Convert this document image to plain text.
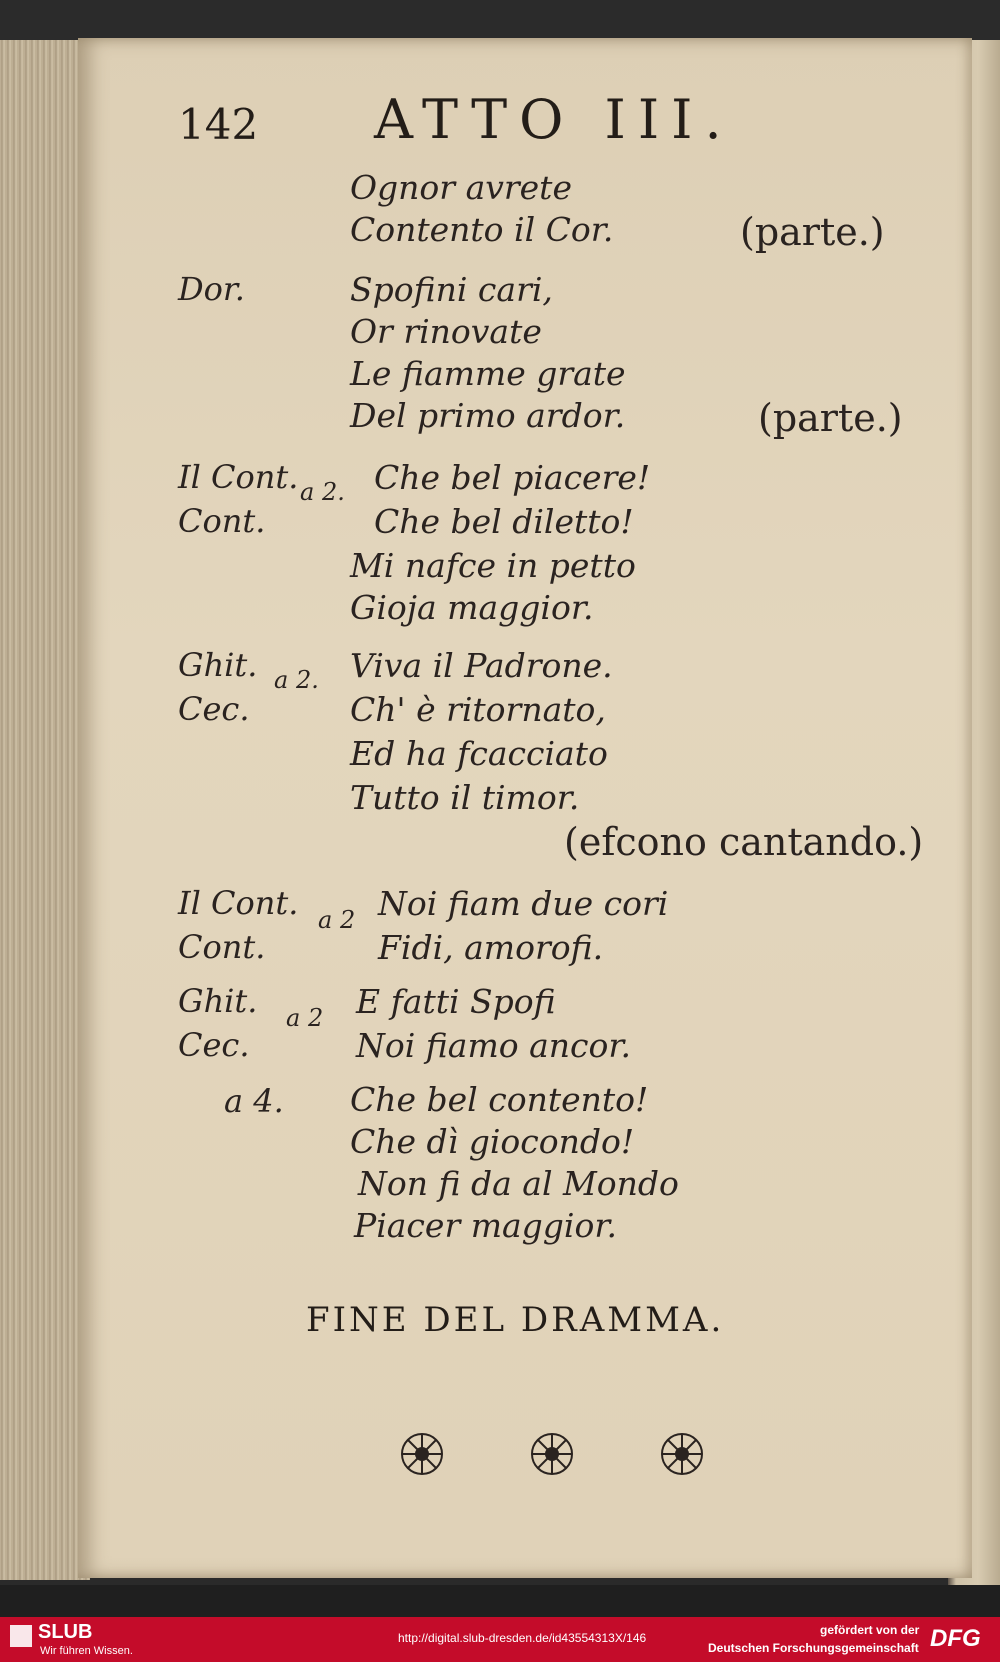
142 ATTO III.
Ognor avrete
Contento il Cor.	(parte.)
Dor.	Spofini cari,
Or rinovate
Le fiamme grate
Del primo ardor.	(parte.)
Il Cont. Che bel piacere!
Cont.	Che bel diletto!
a 2.
Mi nafce in petto
Gioja maggior.
Ghit.	Viva il Padrone.
Cec.	Ch' è ritornato,
a 2.
Ed ha fcacciato
Tutto il timor.
(efcono cantando.)
Il Cont. Noi fiam due cori
Cont.	Fidi, amorofi.
a 2
Ghit.	E fatti Spofi
Cec.	Noi fiamo ancor.
a 2
a 4. Che bel contento!
Che dì giocondo!
Non fi da al Mondo
Piacer maggior.
FINE DEL DRAMMA.
SLUB
Wir führen Wissen.
http://digital.slub-dresden.de/id43554313X/146
gefördert von der
Deutschen Forschungsgemeinschaft DFG
